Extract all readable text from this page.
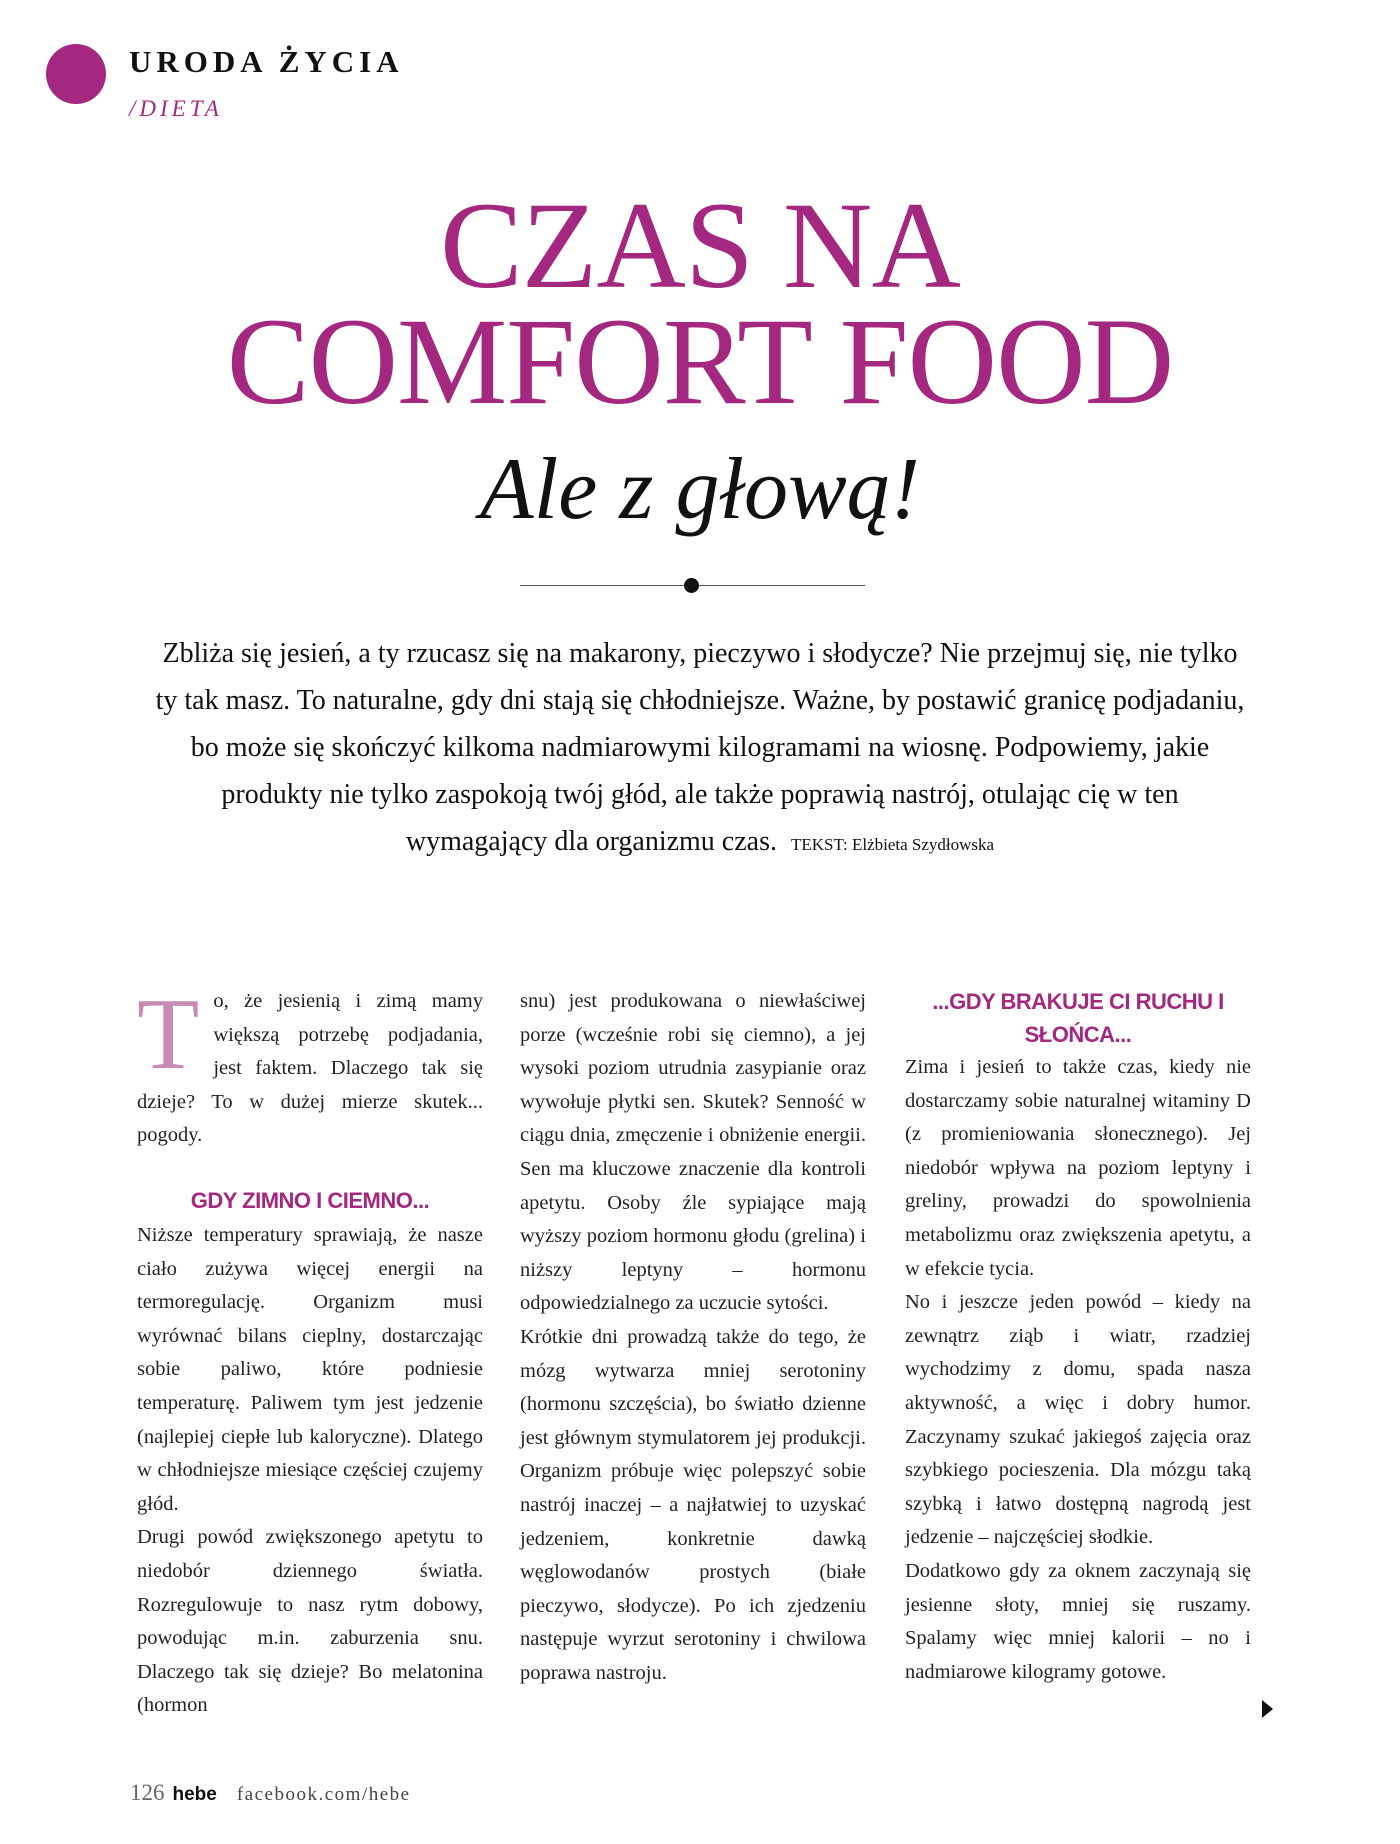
URODA ŻYCIA
/DIETA
CZAS NA
COMFORT FOOD
Ale z głową!
Zbliża się jesień, a ty rzucasz się na makarony, pieczywo i słodycze? Nie przejmuj się, nie tylko ty tak masz. To naturalne, gdy dni stają się chłodniejsze. Ważne, by postawić granicę podjadaniu, bo może się skończyć kilkoma nadmiarowymi kilogramami na wiosnę. Podpowiemy, jakie produkty nie tylko zaspokoją twój głód, ale także poprawią nastrój, otulając cię w ten wymagający dla organizmu czas. TEKST: Elżbieta Szydłowska

To, że jesienią i zimą mamy większą potrzebę podjadania, jest faktem. Dlaczego tak się dzieje? To w dużej mierze skutek... pogody.

GDY ZIMNO I CIEMNO...

Niższe temperatury sprawiają, że nasze ciało zużywa więcej energii na termoregulację. Organizm musi wyrównać bilans cieplny, dostarczając sobie paliwo, które podniesie temperaturę. Paliwem tym jest jedzenie (najlepiej ciepłe lub kaloryczne). Dlatego w chłodniejsze miesiące częściej czujemy głód.

Drugi powód zwiększonego apetytu to niedobór dziennego światła. Rozregulowuje to nasz rytm dobowy, powodując m.in. zaburzenia snu. Dlaczego tak się dzieje? Bo melatonina (hormon

snu) jest produkowana o niewłaściwej porze (wcześnie robi się ciemno), a jej wysoki poziom utrudnia zasypianie oraz wywołuje płytki sen. Skutek? Senność w ciągu dnia, zmęczenie i obniżenie energii. Sen ma kluczowe znaczenie dla kontroli apetytu. Osoby źle sypiające mają wyższy poziom hormonu głodu (grelina) i niższy leptyny – hormonu odpowiedzialnego za uczucie sytości.

Krótkie dni prowadzą także do tego, że mózg wytwarza mniej serotoniny (hormonu szczęścia), bo światło dzienne jest głównym stymulatorem jej produkcji. Organizm próbuje więc polepszyć sobie nastrój inaczej – a najłatwiej to uzyskać jedzeniem, konkretnie dawką węglowodanów prostych (białe pieczywo, słodycze). Po ich zjedzeniu następuje wyrzut serotoniny i chwilowa poprawa nastroju.

...GDY BRAKUJE CI RUCHU I SŁOŃCA...

Zima i jesień to także czas, kiedy nie dostarczamy sobie naturalnej witaminy D (z promieniowania słonecznego). Jej niedobór wpływa na poziom leptyny i greliny, prowadzi do spowolnienia metabolizmu oraz zwiększenia apetytu, a w efekcie tycia.

No i jeszcze jeden powód – kiedy na zewnątrz ziąb i wiatr, rzadziej wychodzimy z domu, spada nasza aktywność, a więc i dobry humor. Zaczynamy szukać jakiegoś zajęcia oraz szybkiego pocieszenia. Dla mózgu taką szybką i łatwo dostępną nagrodą jest jedzenie – najczęściej słodkie.

Dodatkowo gdy za oknem zaczynają się jesienne słoty, mniej się ruszamy. Spalamy więc mniej kalorii – no i nadmiarowe kilogramy gotowe.

126 hebe facebook.com/hebe
